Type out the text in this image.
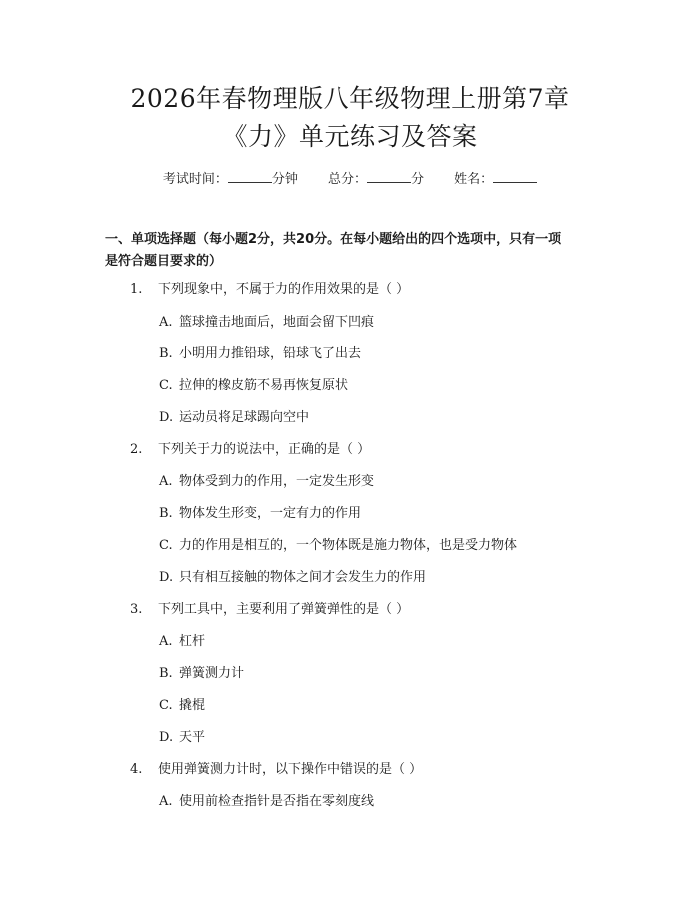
2026年春物理版八年级物理上册第7章
《力》单元练习及答案
考试时间：	分钟 总分：	分 姓名：
一、单项选择题（每小题2分，共20分。在每小题给出的四个选项中，只有一项
是符合题目要求的）
1. 下列现象中，不属于力的作用效果的是（ ）
A. 篮球撞击地面后，地面会留下凹痕
B. 小明用力推铅球，铅球飞了出去
C. 拉伸的橡皮筋不易再恢复原状
D. 运动员将足球踢向空中
2. 下列关于力的说法中，正确的是（ ）
A. 物体受到力的作用，一定发生形变
B. 物体发生形变，一定有力的作用
C. 力的作用是相互的，一个物体既是施力物体，也是受力物体
D. 只有相互接触的物体之间才会发生力的作用
3. 下列工具中，主要利用了弹簧弹性的是（ ）
A. 杠杆
B. 弹簧测力计
C. 撬棍
D. 天平
4. 使用弹簧测力计时，以下操作中错误的是（ ）
A. 使用前检查指针是否指在零刻度线
